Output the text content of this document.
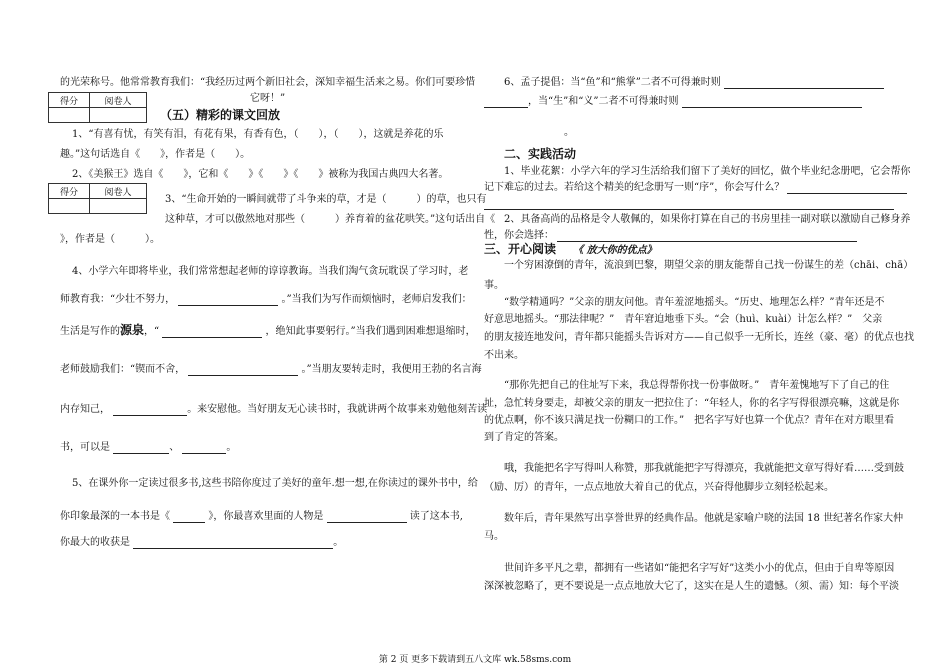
的光荣称号。他常常教育我们：“我经历过两个新旧社会，深知幸福生活来之易。你们可要珍惜
得分	阅卷人
		它呀！”
（五）精彩的课文回放
1、“有喜有忧，有笑有泪，有花有果，有香有色，（　　），（　　），这就是养花的乐
趣。”这句话选自《　　》，作者是（　　）。
2、《美猴王》选自《　　》，它和《　　》《　　》《　　》被称为我国古典四大名著。
得分	阅卷人

3、“生命开始的一瞬间就带了斗争来的草，才是（　　　）的草，也只有
这种草，才可以傲然地对那些（　　　）养育着的盆花哄笑。”这句话出自《
》，作者是（　　　）。
4、小学六年即将毕业，我们常常想起老师的谆谆教诲。当我们淘气贪玩耽误了学习时，老
师教育我：“少壮不努力，	。”当我们为写作而烦恼时，老师启发我们：
生活是写作的源泉，“	，绝知此事要躬行。”当我们遇到困难想退缩时，
老师鼓励我们：“锲而不舍，	。”当朋友要转走时，我便用王勃的名言海
内存知己，	。来安慰他。当好朋友无心读书时，我就讲两个故事来劝勉他刻苦读
书，可以是	、	。
5、在课外你一定读过很多书,这些书陪你度过了美好的童年.想一想,在你读过的课外书中，给
你印象最深的一本书是《	》，你最喜欢里面的人物是	读了这本书,
你最大的收获是	。
6、孟子提倡：当“鱼”和“熊掌”二者不可得兼时则
，当“生”和“义”二者不可得兼时则
。
二、实践活动
1、毕业花絮：小学六年的学习生活给我们留下了美好的回忆，做个毕业纪念册吧，它会帮你
记下难忘的过去。若给这个精美的纪念册写一则“序”，你会写什么？
2、具备高尚的品格是令人敬佩的，如果你打算在自己的书房里挂一副对联以激励自己修身养
性，你会选择：
三、开心阅读 《 放大你的优点》
一个穷困潦倒的青年，流浪到巴黎，期望父亲的朋友能帮自己找一份谋生的差（chāi、chā）
事。
“数学精通吗？”父亲的朋友问他。青年羞涩地摇头。“历史、地理怎么样？”青年还是不
好意思地摇头。“那法律呢？”　青年窘迫地垂下头。“会（huì、kuài）计怎么样？”　父亲
的朋友接连地发问，青年都只能摇头告诉对方——自己似乎一无所长，连丝（豪、毫）的优点也找
不出来。
“那你先把自己的住址写下来，我总得帮你找一份事做呀。”　青年羞愧地写下了自己的住
址，急忙转身要走，却被父亲的朋友一把拉住了：“年轻人，你的名字写得很漂亮嘛，这就是你
的优点啊，你不该只满足找一份糊口的工作。”　把名字写好也算一个优点？青年在对方眼里看
到了肯定的答案。
哦，我能把名字写得叫人称赞，那我就能把字写得漂亮，我就能把文章写得好看……受到鼓
（励、厉）的青年，一点点地放大着自己的优点，兴奋得他脚步立刻轻松起来。
数年后，青年果然写出享誉世界的经典作品。他就是家喻户晓的法国 18 世纪著名作家大仲
马。
世间许多平凡之辈，都拥有一些诸如“能把名字写好”这类小小的优点，但由于自卑等原因
深深被忽略了，更不要说是一点点地放大它了，这实在是人生的遗憾。（须、需）知：每个平淡
第 2 页 更多下载请到五八文库 wk.58sms.com
